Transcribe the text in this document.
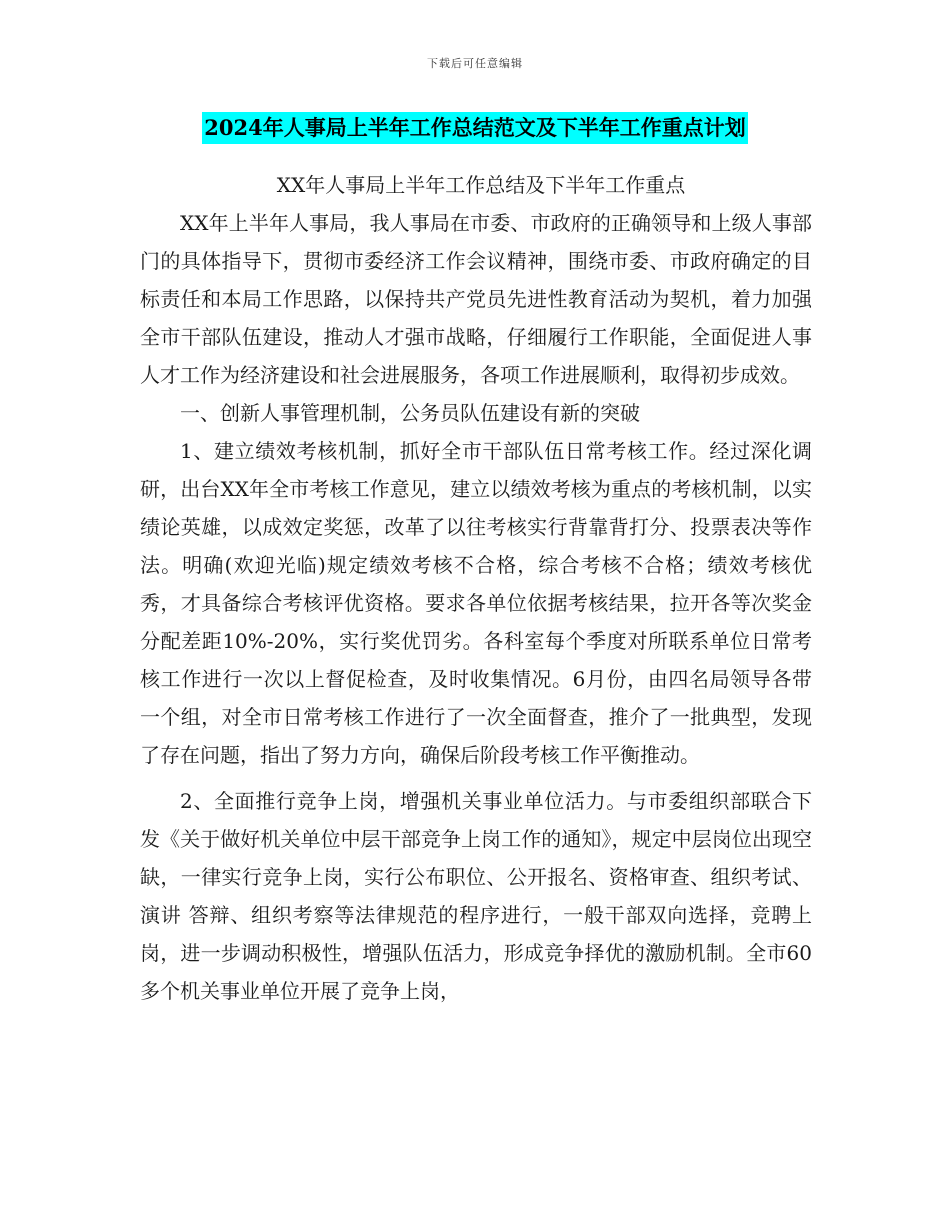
下载后可任意编辑
2024年人事局上半年工作总结范文及下半年工作重点计划

XX年人事局上半年工作总结及下半年工作重点

XX年上半年人事局，我人事局在市委、市政府的正确领导和上级人事部门的具体指导下，贯彻市委经济工作会议精神，围绕市委、市政府确定的目标责任和本局工作思路，以保持共产党员先进性教育活动为契机，着力加强全市干部队伍建设，推动人才强市战略，仔细履行工作职能，全面促进人事人才工作为经济建设和社会进展服务，各项工作进展顺利，取得初步成效。

一、创新人事管理机制，公务员队伍建设有新的突破

1、建立绩效考核机制，抓好全市干部队伍日常考核工作。经过深化调研，出台XX年全市考核工作意见，建立以绩效考核为重点的考核机制，以实绩论英雄，以成效定奖惩，改革了以往考核实行背靠背打分、投票表决等作法。明确(欢迎光临)规定绩效考核不合格，综合考核不合格；绩效考核优秀，才具备综合考核评优资格。要求各单位依据考核结果，拉开各等次奖金分配差距10%-20%，实行奖优罚劣。各科室每个季度对所联系单位日常考核工作进行一次以上督促检查，及时收集情况。6月份，由四名局领导各带一个组，对全市日常考核工作进行了一次全面督查，推介了一批典型，发现了存在问题，指出了努力方向，确保后阶段考核工作平衡推动。

2、全面推行竞争上岗，增强机关事业单位活力。与市委组织部联合下发《关于做好机关单位中层干部竞争上岗工作的通知》，规定中层岗位出现空缺，一律实行竞争上岗，实行公布职位、公开报名、资格审查、组织考试、演讲 答辩、组织考察等法律规范的程序进行，一般干部双向选择，竞聘上岗，进一步调动积极性，增强队伍活力，形成竞争择优的激励机制。全市60多个机关事业单位开展了竞争上岗，
